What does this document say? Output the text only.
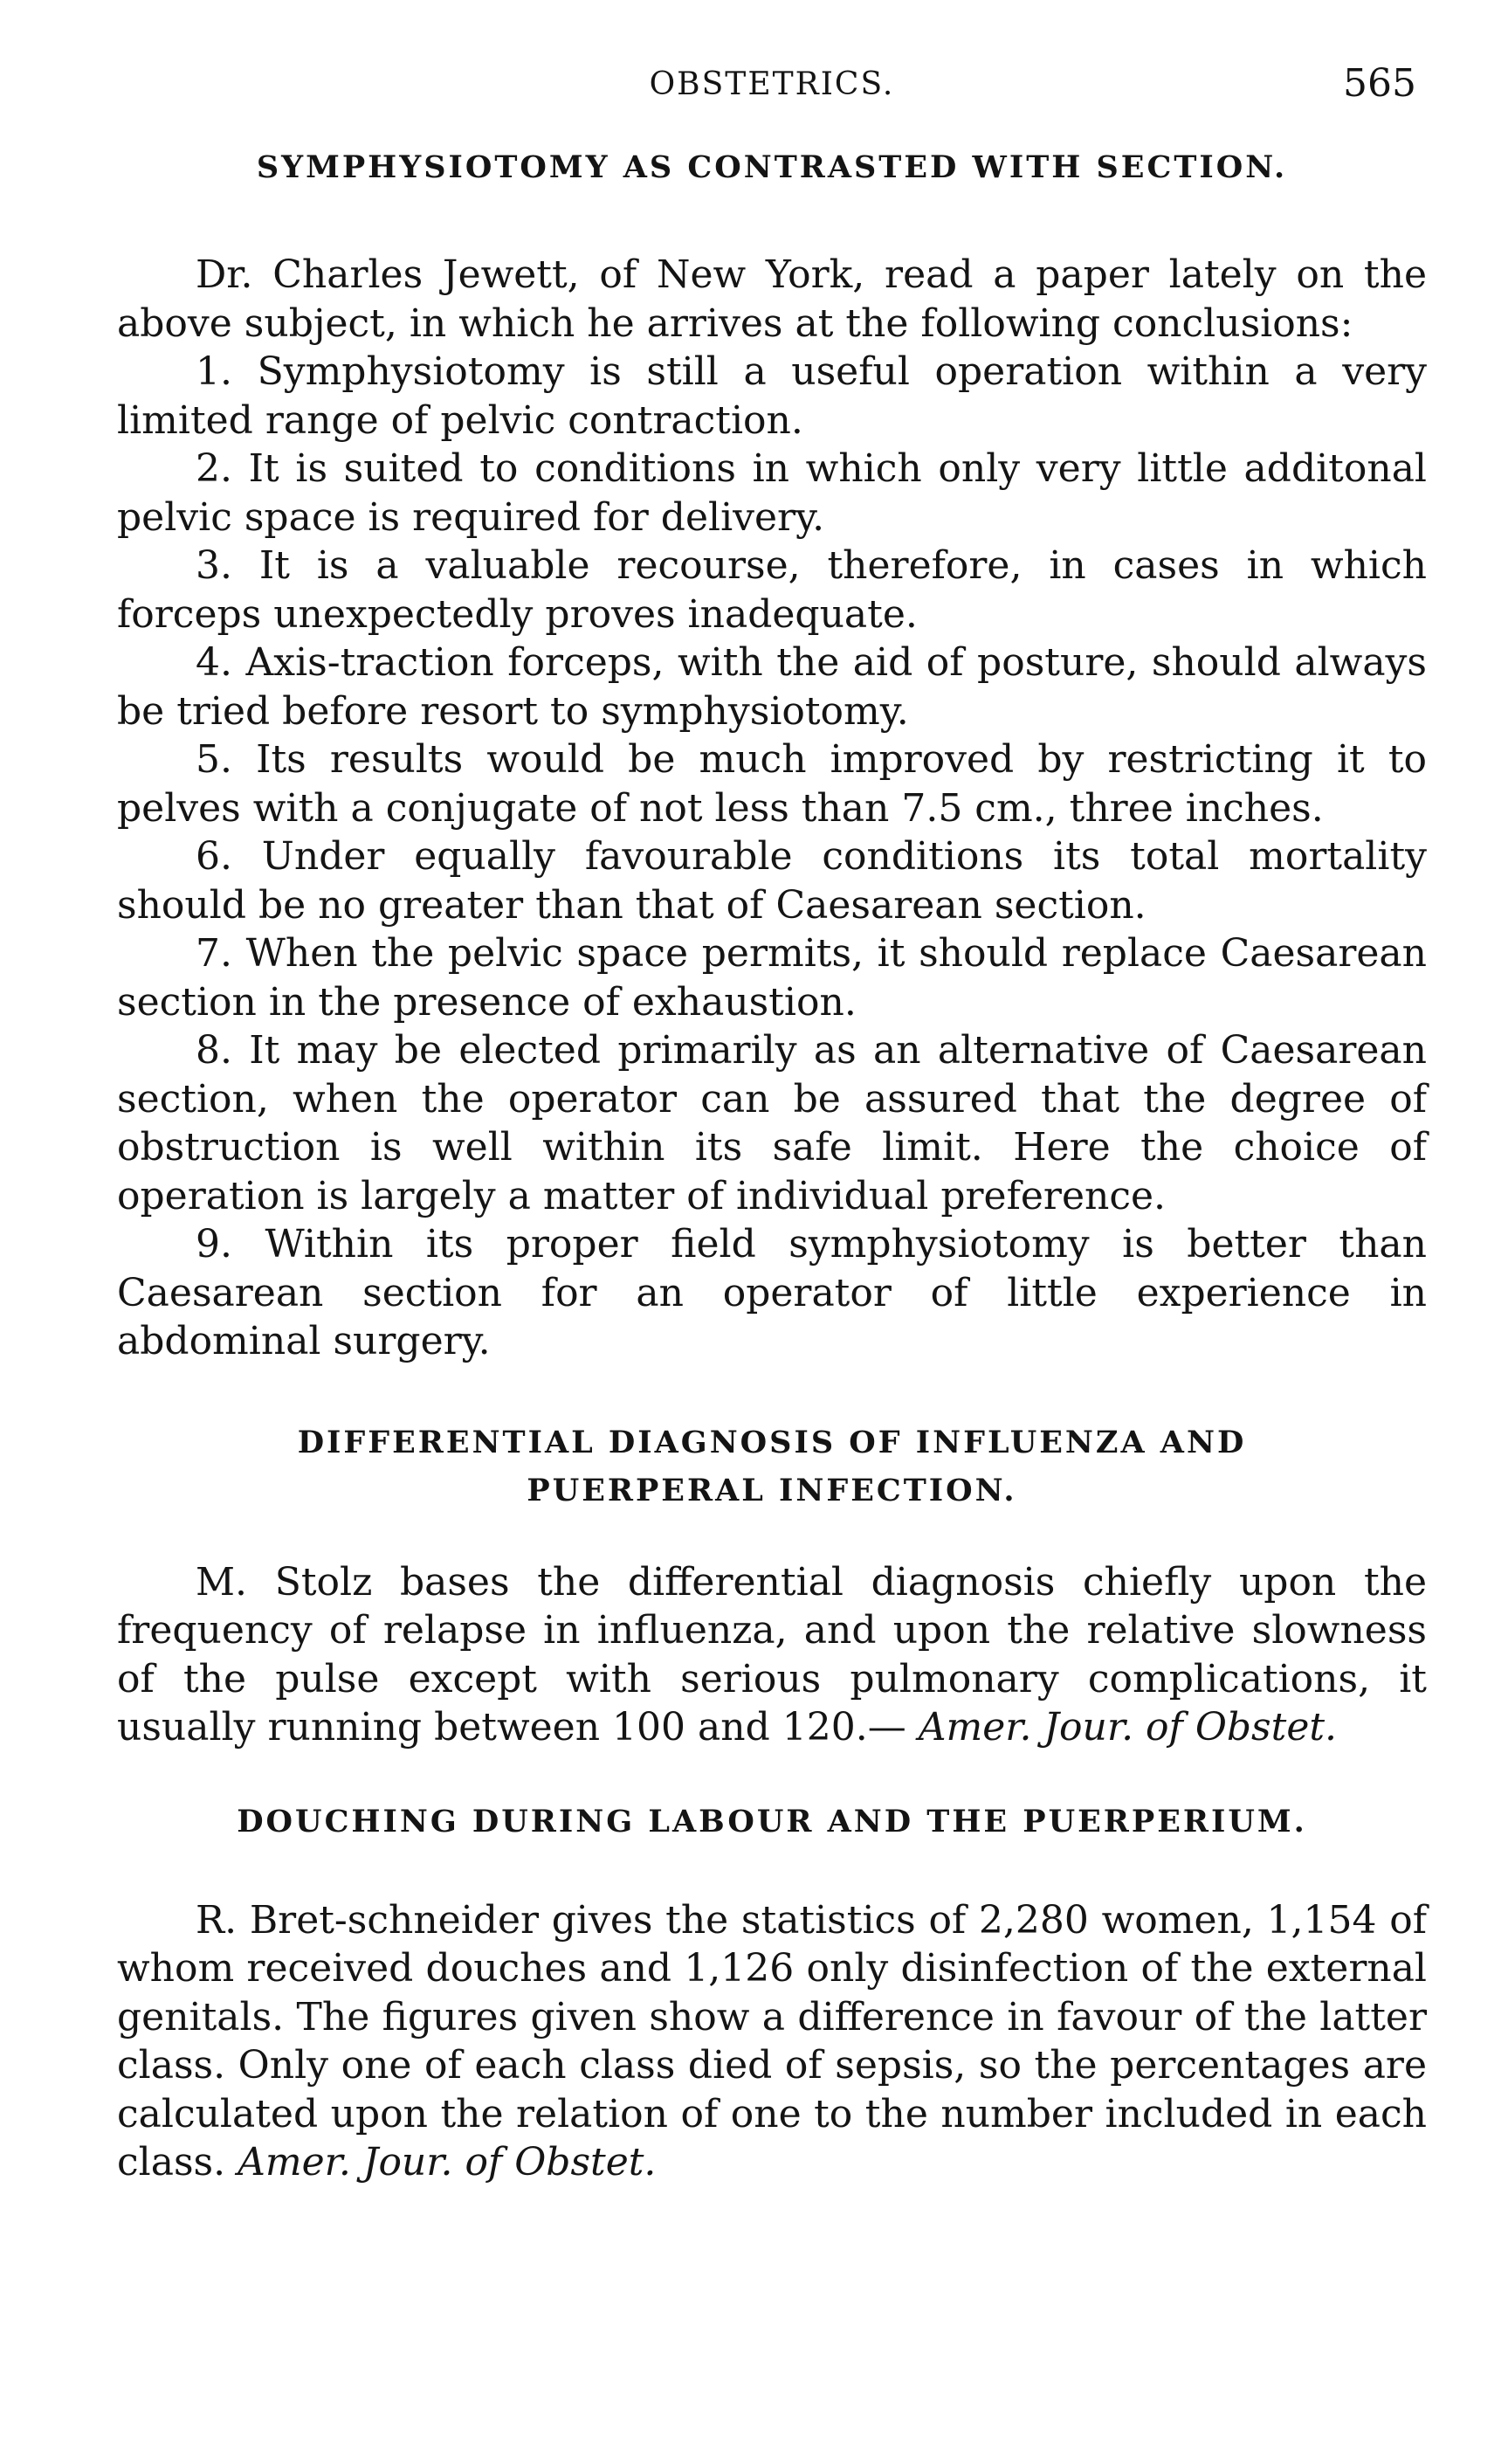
OBSTETRICS.	565
SYMPHYSIOTOMY AS CONTRASTED WITH SECTION.

Dr. Charles Jewett, of New York, read a paper lately on the above subject, in which he arrives at the following conclusions:

1. Symphysiotomy is still a useful operation within a very limited range of pelvic contraction.

2. It is suited to conditions in which only very little additonal pelvic space is required for delivery.

3. It is a valuable recourse, therefore, in cases in which forceps unexpectedly proves inadequate.

4. Axis-traction forceps, with the aid of posture, should always be tried before resort to symphysiotomy.

5. Its results would be much improved by restricting it to pelves with a conjugate of not less than 7.5 cm., three inches.

6. Under equally favourable conditions its total mortality should be no greater than that of Caesarean section.

7. When the pelvic space permits, it should replace Caesarean section in the presence of exhaustion.

8. It may be elected primarily as an alternative of Caesarean section, when the operator can be assured that the degree of obstruction is well within its safe limit. Here the choice of operation is largely a matter of individual preference.

9. Within its proper field symphysiotomy is better than Caesarean section for an operator of little experience in abdominal surgery.

DIFFERENTIAL DIAGNOSIS OF INFLUENZA AND
PUERPERAL INFECTION.

M. Stolz bases the differential diagnosis chiefly upon the frequency of relapse in influenza, and upon the relative slowness of the pulse except with serious pulmonary complications, it usually running between 100 and 120.— Amer. Jour. of Obstet.

DOUCHING DURING LABOUR AND THE PUERPERIUM.

R. Bret-schneider gives the statistics of 2,280 women, 1,154 of whom received douches and 1,126 only disinfection of the external genitals. The figures given show a difference in favour of the latter class. Only one of each class died of sepsis, so the percentages are calculated upon the relation of one to the number included in each class. Amer. Jour. of Obstet.
